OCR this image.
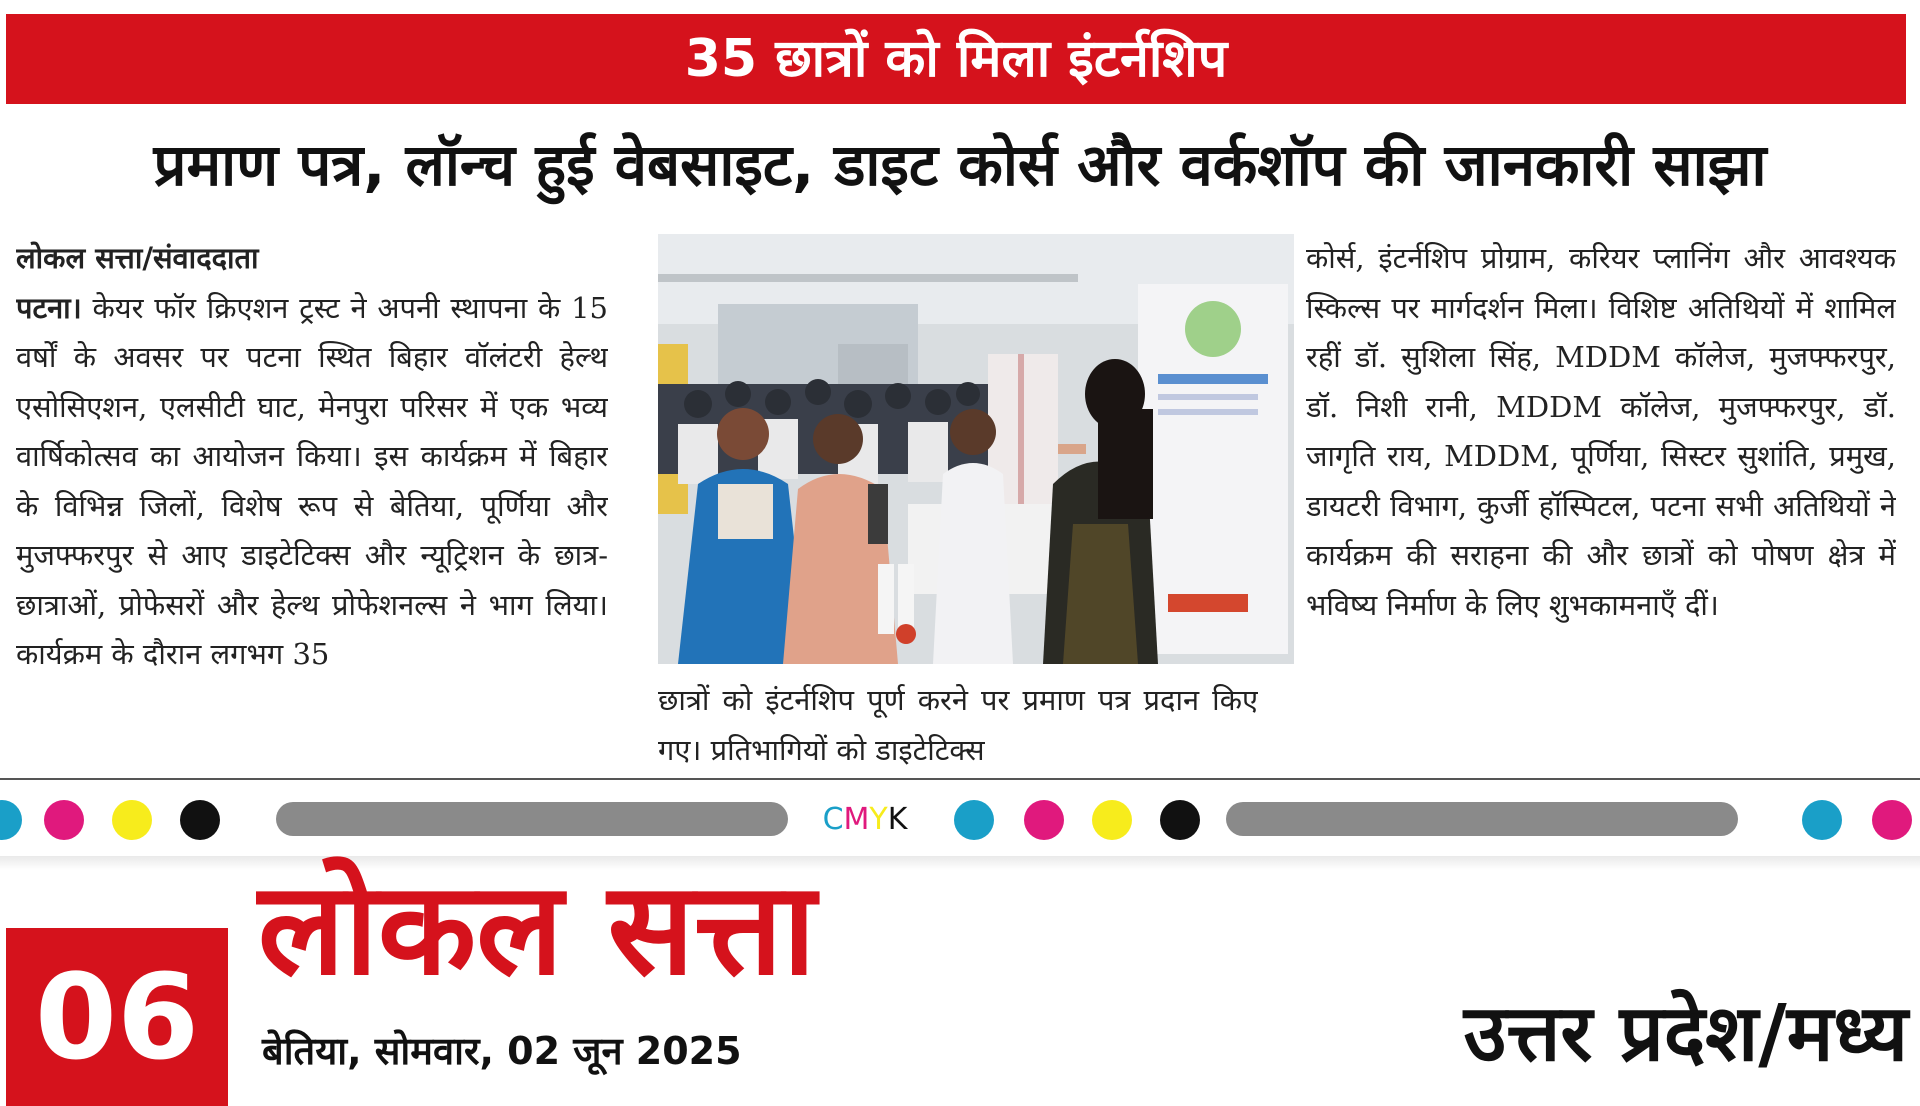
35 छात्रों को मिला इंटर्नशिप
प्रमाण पत्र, लॉन्च हुई वेबसाइट, डाइट कोर्स और वर्कशॉप की जानकारी साझा
लोकल सत्ता/संवाददाता
पटना। केयर फॉर क्रिएशन ट्रस्ट ने अपनी स्थापना के 15 वर्षों के अवसर पर पटना स्थित बिहार वॉलंटरी हेल्थ एसोसिएशन, एलसीटी घाट, मेनपुरा परिसर में एक भव्य वार्षिकोत्सव का आयोजन किया। इस कार्यक्रम में बिहार के विभिन्न जिलों, विशेष रूप से बेतिया, पूर्णिया और मुजफ्फरपुर से आए डाइटेटिक्स और न्यूट्रिशन के छात्र-छात्राओं, प्रोफेसरों और हेल्थ प्रोफेशनल्स ने भाग लिया। कार्यक्रम के दौरान लगभग 35
छात्रों को इंटर्नशिप पूर्ण करने पर प्रमाण पत्र प्रदान किए गए। प्रतिभागियों को डाइटेटिक्स
कोर्स, इंटर्नशिप प्रोग्राम, करियर प्लानिंग और आवश्यक स्किल्स पर मार्गदर्शन मिला। विशिष्ट अतिथियों में शामिल रहीं डॉ. सुशिला सिंह, MDDM कॉलेज, मुजफ्फरपुर, डॉ. निशी रानी, MDDM कॉलेज, मुजफ्फरपुर, डॉ. जागृति राय, MDDM, पूर्णिया, सिस्टर सुशांति, प्रमुख, डायटरी विभाग, कुर्जी हॉस्पिटल, पटना सभी अतिथियों ने कार्यक्रम की सराहना की और छात्रों को पोषण क्षेत्र में भविष्य निर्माण के लिए शुभकामनाएँ दीं।
CMYK
06
लोकल सत्ता
बेतिया, सोमवार, 02 जून 2025	उत्तर प्रदेश/मध्य
